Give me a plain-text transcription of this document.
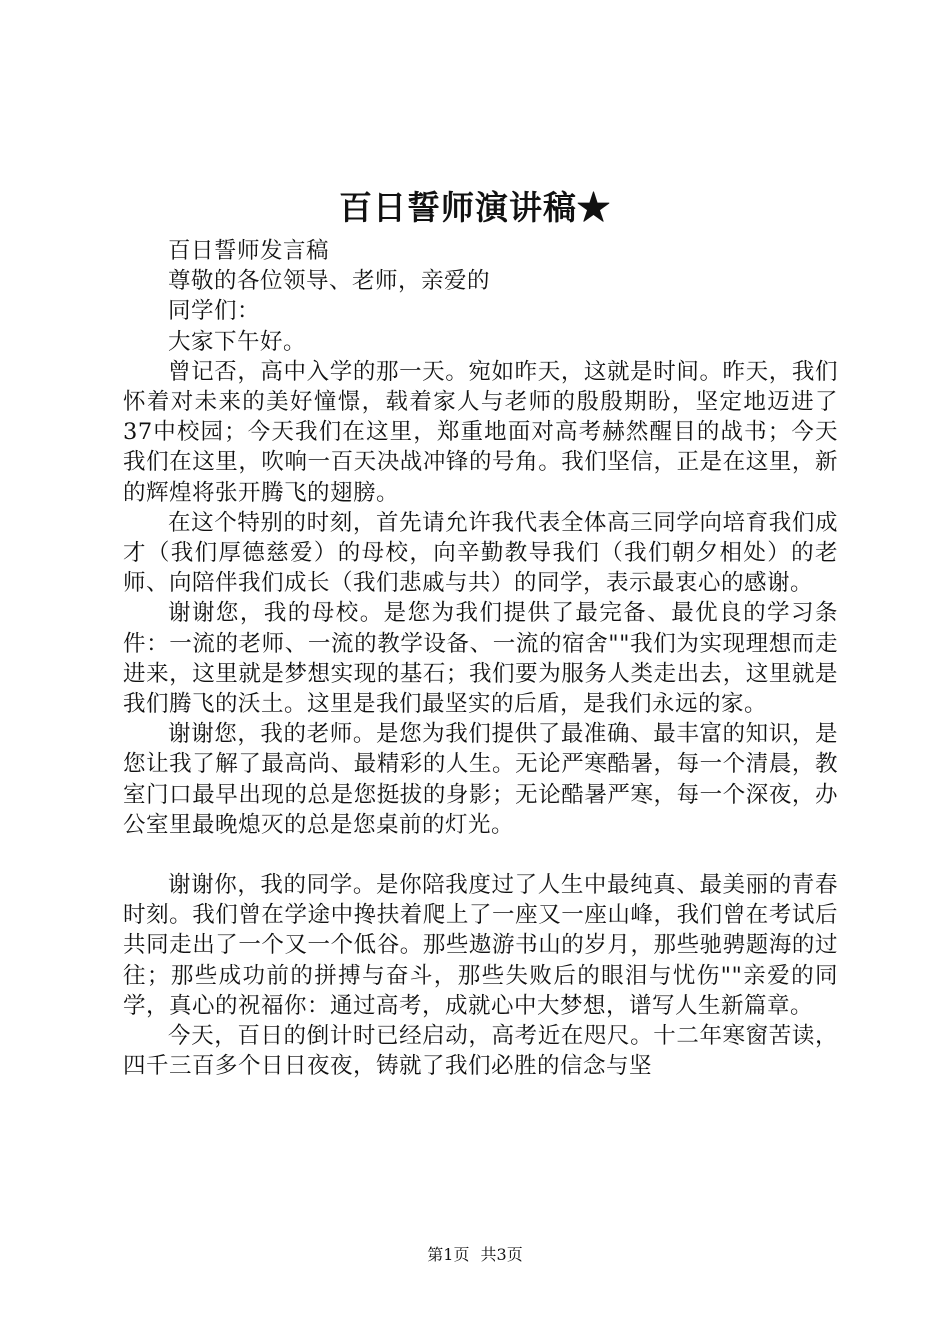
百日誓师演讲稿★

百日誓师发言稿

尊敬的各位领导、老师，亲爱的

同学们：

大家下午好。

曾记否，高中入学的那一天。宛如昨天，这就是时间。昨天，我们怀着对未来的美好憧憬，载着家人与老师的殷殷期盼，坚定地迈进了37中校园；今天我们在这里，郑重地面对高考赫然醒目的战书；今天我们在这里，吹响一百天决战冲锋的号角。我们坚信，正是在这里，新的辉煌将张开腾飞的翅膀。

在这个特别的时刻，首先请允许我代表全体高三同学向培育我们成才（我们厚德慈爱）的母校，向辛勤教导我们（我们朝夕相处）的老师、向陪伴我们成长（我们悲戚与共）的同学，表示最衷心的感谢。

谢谢您，我的母校。是您为我们提供了最完备、最优良的学习条件：一流的老师、一流的教学设备、一流的宿舍""我们为实现理想而走进来，这里就是梦想实现的基石；我们要为服务人类走出去，这里就是我们腾飞的沃土。这里是我们最坚实的后盾，是我们永远的家。

谢谢您，我的老师。是您为我们提供了最准确、最丰富的知识，是您让我了解了最高尚、最精彩的人生。无论严寒酷暑，每一个清晨，教室门口最早出现的总是您挺拔的身影；无论酷暑严寒，每一个深夜，办公室里最晚熄灭的总是您桌前的灯光。

谢谢你，我的同学。是你陪我度过了人生中最纯真、最美丽的青春时刻。我们曾在学途中搀扶着爬上了一座又一座山峰，我们曾在考试后共同走出了一个又一个低谷。那些遨游书山的岁月，那些驰骋题海的过往；那些成功前的拼搏与奋斗，那些失败后的眼泪与忧伤""亲爱的同学，真心的祝福你：通过高考，成就心中大梦想，谱写人生新篇章。

今天，百日的倒计时已经启动，高考近在咫尺。十二年寒窗苦读，四千三百多个日日夜夜，铸就了我们必胜的信念与坚

第1页 共3页
